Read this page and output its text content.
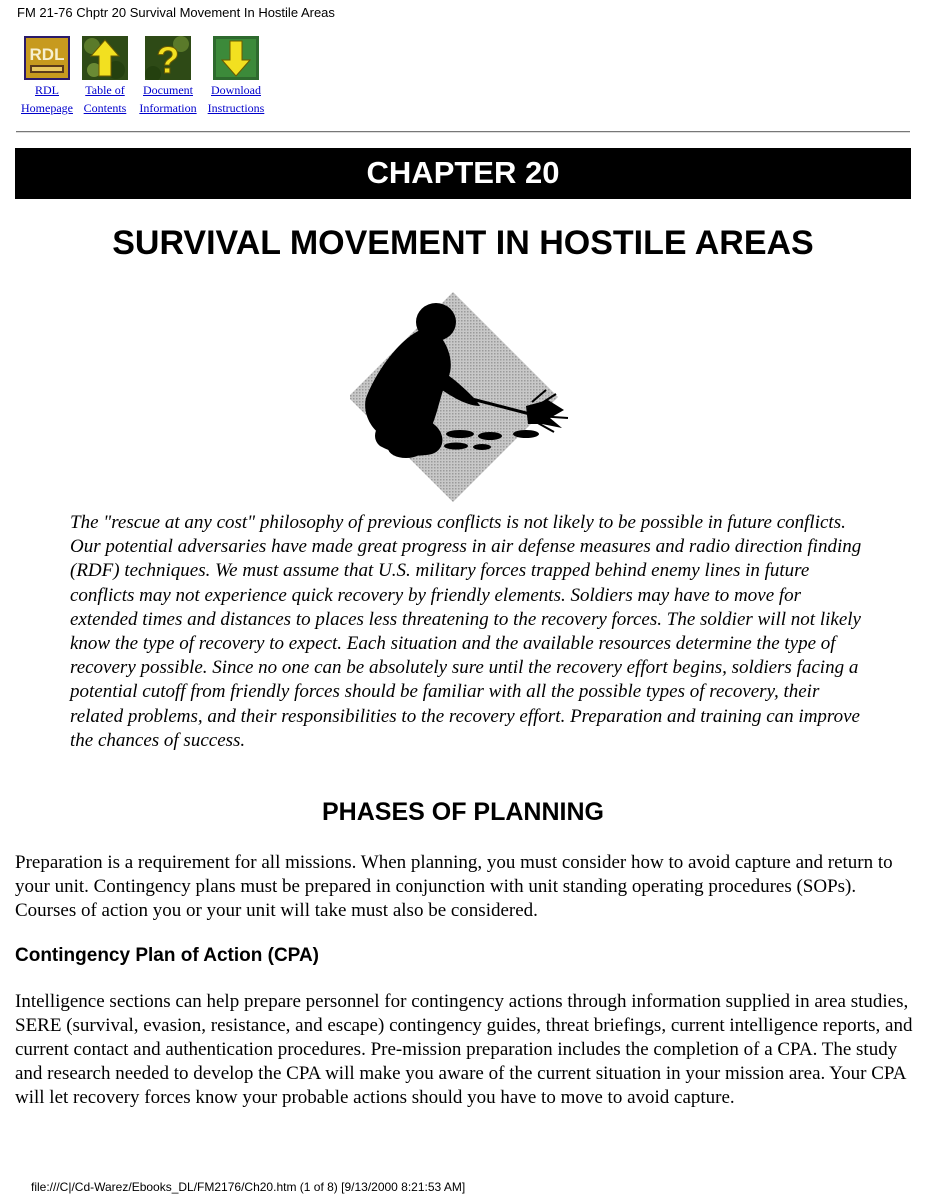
FM 21-76 Chptr 20 Survival Movement In Hostile Areas
RDL
RDL
Homepage
Table of
Contents
?
Document
Information
Download
Instructions
CHAPTER 20
SURVIVAL MOVEMENT IN HOSTILE AREAS

The "rescue at any cost" philosophy of previous conflicts is not likely to be possible in future conflicts. Our potential adversaries have made great progress in air defense measures and radio direction finding (RDF) techniques. We must assume that U.S. military forces trapped behind enemy lines in future conflicts may not experience quick recovery by friendly elements. Soldiers may have to move for extended times and distances to places less threatening to the recovery forces. The soldier will not likely know the type of recovery to expect. Each situation and the available resources determine the type of recovery possible. Since no one can be absolutely sure until the recovery effort begins, soldiers facing a potential cutoff from friendly forces should be familiar with all the possible types of recovery, their related problems, and their responsibilities to the recovery effort. Preparation and training can improve the chances of success.

PHASES OF PLANNING

Preparation is a requirement for all missions. When planning, you must consider how to avoid capture and return to your unit. Contingency plans must be prepared in conjunction with unit standing operating procedures (SOPs). Courses of action you or your unit will take must also be considered.

Contingency Plan of Action (CPA)

Intelligence sections can help prepare personnel for contingency actions through information supplied in area studies, SERE (survival, evasion, resistance, and escape) contingency guides, threat briefings, current intelligence reports, and current contact and authentication procedures. Pre-mission preparation includes the completion of a CPA. The study and research needed to develop the CPA will make you aware of the current situation in your mission area. Your CPA will let recovery forces know your probable actions should you have to move to avoid capture.

file:///C|/Cd-Warez/Ebooks_DL/FM2176/Ch20.htm (1 of 8) [9/13/2000 8:21:53 AM]
